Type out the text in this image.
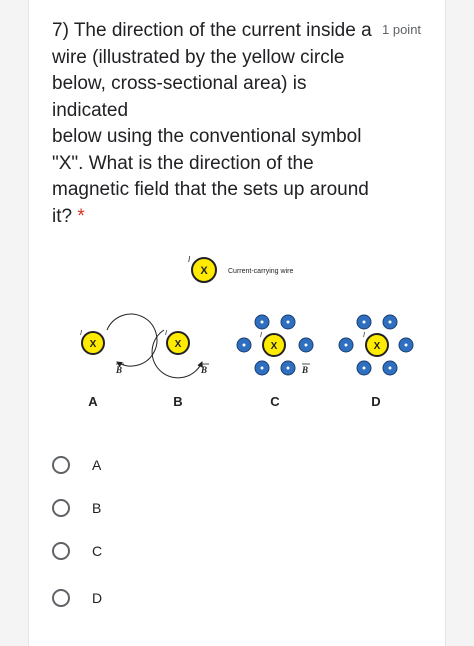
7) The direction of the current inside a
wire (illustrated by the yellow circle
below, cross-sectional area) is indicated
below using the conventional symbol
"X". What is the direction of the
magnetic field that the sets up around
it? *
1 point
X
I
Current-carrying wire
X
I
B
A
X
I
B
B
X
I
B
C
X
I
D
A
B
C
D
